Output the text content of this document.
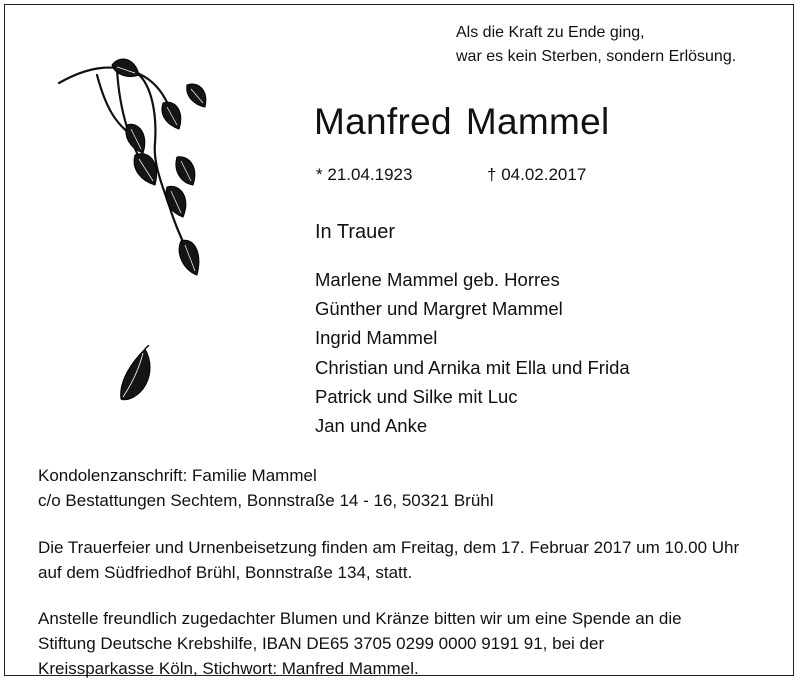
Als die Kraft zu Ende ging,
war es kein Sterben, sondern Erlösung.
Manfred Mammel
* 21.04.1923	† 04.02.2017
In Trauer
Marlene Mammel geb. Horres
Günther und Margret Mammel
Ingrid Mammel
Christian und Arnika mit Ella und Frida
Patrick und Silke mit Luc
Jan und Anke
Kondolenzanschrift: Familie Mammel
c/o Bestattungen Sechtem, Bonnstraße 14 - 16, 50321 Brühl
Die Trauerfeier und Urnenbeisetzung finden am Freitag, dem 17. Februar 2017 um 10.00 Uhr
auf dem Südfriedhof Brühl, Bonnstraße 134, statt.
Anstelle freundlich zugedachter Blumen und Kränze bitten wir um eine Spende an die
Stiftung Deutsche Krebshilfe, IBAN DE65 3705 0299 0000 9191 91, bei der
Kreissparkasse Köln, Stichwort: Manfred Mammel.
